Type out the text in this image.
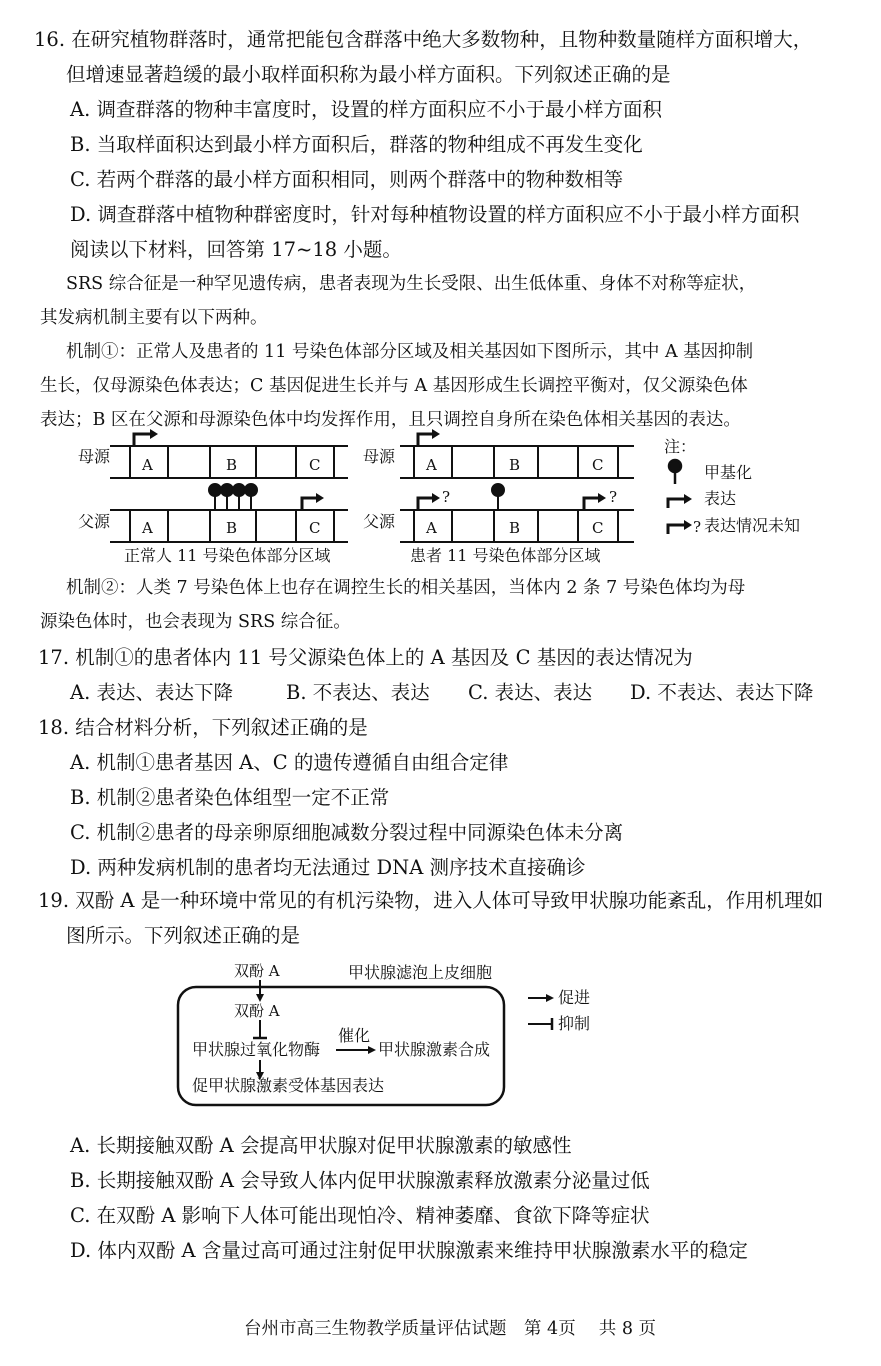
16. 在研究植物群落时，通常把能包含群落中绝大多数物种，且物种数量随样方面积增大，
但增速显著趋缓的最小取样面积称为最小样方面积。下列叙述正确的是
A. 调查群落的物种丰富度时，设置的样方面积应不小于最小样方面积
B. 当取样面积达到最小样方面积后，群落的物种组成不再发生变化
C. 若两个群落的最小样方面积相同，则两个群落中的物种数相等
D. 调查群落中植物种群密度时，针对每种植物设置的样方面积应不小于最小样方面积
阅读以下材料，回答第 17~18 小题。
SRS 综合征是一种罕见遗传病，患者表现为生长受限、出生低体重、身体不对称等症状，
其发病机制主要有以下两种。
机制①：正常人及患者的 11 号染色体部分区域及相关基因如下图所示，其中 A 基因抑制
生长，仅母源染色体表达；C 基因促进生长并与 A 基因形成生长调控平衡对，仅父源染色体
表达；B 区在父源和母源染色体中均发挥作用，且只调控自身所在染色体相关基因的表达。
母源
父源
母源
父源
A	B	C
A	B	C
A	B	C
A	B	C
?	?
?
注：
甲基化
表达
表达情况未知
正常人 11 号染色体部分区域	患者 11 号染色体部分区域
机制②：人类 7 号染色体上也存在调控生长的相关基因，当体内 2 条 7 号染色体均为母
源染色体时，也会表现为 SRS 综合征。
17. 机制①的患者体内 11 号父源染色体上的 A 基因及 C 基因的表达情况为
A. 表达、表达下降	B. 不表达、表达 C. 表达、表达 D. 不表达、表达下降
18. 结合材料分析，下列叙述正确的是
A. 机制①患者基因 A、C 的遗传遵循自由组合定律
B. 机制②患者染色体组型一定不正常
C. 机制②患者的母亲卵原细胞减数分裂过程中同源染色体未分离
D. 两种发病机制的患者均无法通过 DNA 测序技术直接确诊
19. 双酚 A 是一种环境中常见的有机污染物，进入人体可导致甲状腺功能紊乱，作用机理如
图所示。下列叙述正确的是
双酚 A	甲状腺滤泡上皮细胞
双酚 A
甲状腺过氧化物酶
催化
甲状腺激素合成
促甲状腺激素受体基因表达
促进
抑制
A. 长期接触双酚 A 会提高甲状腺对促甲状腺激素的敏感性
B. 长期接触双酚 A 会导致人体内促甲状腺激素释放激素分泌量过低
C. 在双酚 A 影响下人体可能出现怕冷、精神萎靡、食欲下降等症状
D. 体内双酚 A 含量过高可通过注射促甲状腺激素来维持甲状腺激素水平的稳定
台州市高三生物教学质量评估试题　第 4页　 共 8 页
